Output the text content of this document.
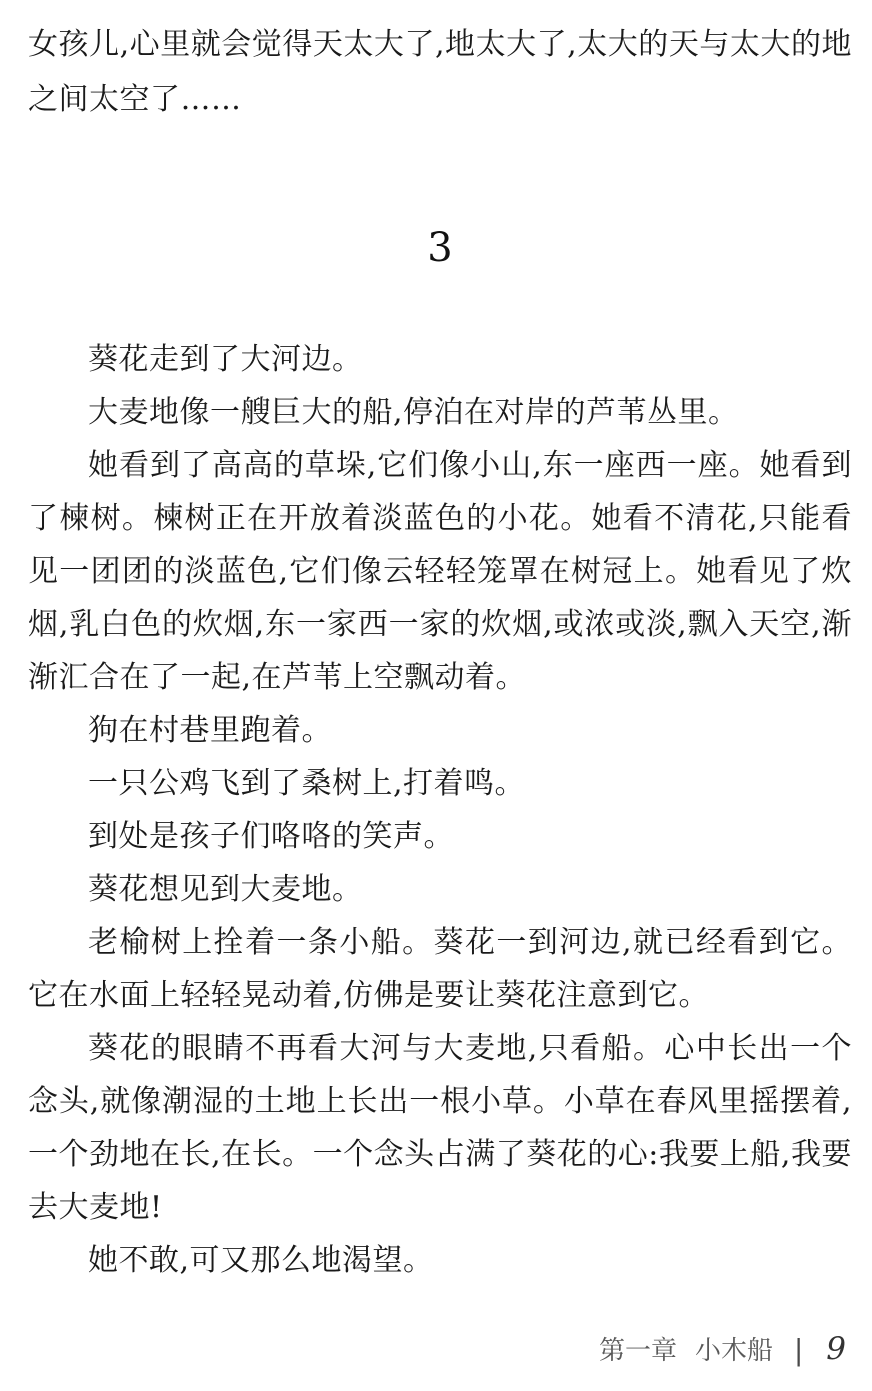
女孩儿,心里就会觉得天太大了,地太大了,太大的天与太大的地之间太空了……

3

葵花走到了大河边。

大麦地像一艘巨大的船,停泊在对岸的芦苇丛里。

她看到了高高的草垛,它们像小山,东一座西一座。她看到了楝树。楝树正在开放着淡蓝色的小花。她看不清花,只能看见一团团的淡蓝色,它们像云轻轻笼罩在树冠上。她看见了炊烟,乳白色的炊烟,东一家西一家的炊烟,或浓或淡,飘入天空,渐渐汇合在了一起,在芦苇上空飘动着。

狗在村巷里跑着。

一只公鸡飞到了桑树上,打着鸣。

到处是孩子们咯咯的笑声。

葵花想见到大麦地。

老榆树上拴着一条小船。葵花一到河边,就已经看到它。它在水面上轻轻晃动着,仿佛是要让葵花注意到它。

葵花的眼睛不再看大河与大麦地,只看船。心中长出一个念头,就像潮湿的土地上长出一根小草。小草在春风里摇摆着,一个劲地在长,在长。一个念头占满了葵花的心:我要上船,我要去大麦地!

她不敢,可又那么地渴望。

第一章 小木船 | 9
